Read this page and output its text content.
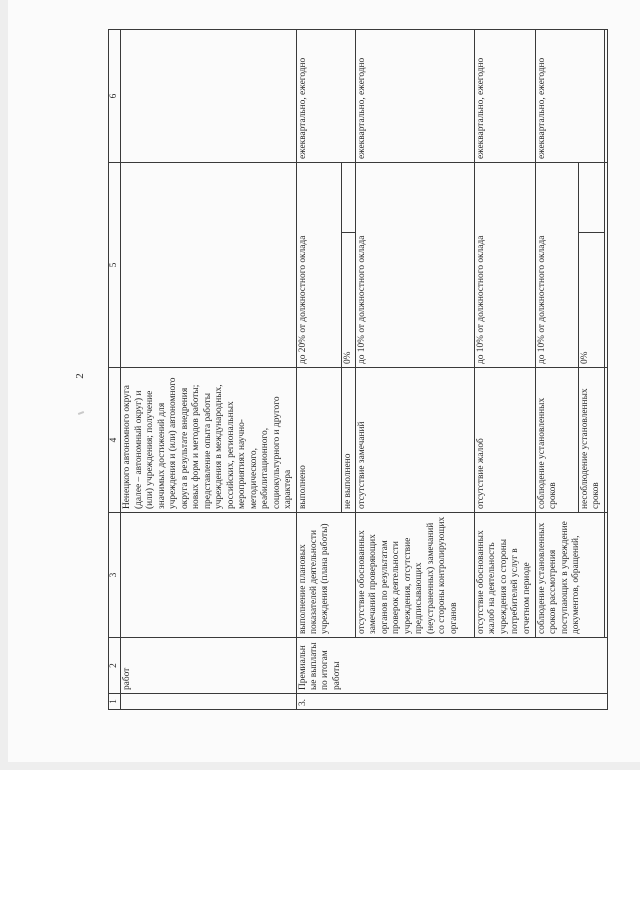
2
1	2	3	4	5		6
	работ		Ненецкого автономного округа (далее – автономный округ) и (или) учреждения; получение значимых достижений для учреждения и (или) автономного округа в результате внедрения новых форм и методов работы; представление опыта работы учреждения в международных, российских, региональных мероприятиях научно-методического, реабилитационного, социокультурного и другого характера			
3.	Премиальные выплаты по итогам работы	выполнение плановых показателей деятельности учреждения (плана работы)	выполнено	до 20% от должностного оклада		ежеквартально, ежегодно
			не выполнено	0%		
		отсутствие обоснованных замечаний проверяющих органов по результатам проверок деятельности учреждения, отсутствие предписывающих (неустраненных) замечаний со стороны контролирующих органов	отсутствие замечаний	до 10% от должностного оклада		ежеквартально, ежегодно
		отсутствие обоснованных жалоб на деятельность учреждения со стороны потребителей услуг в отчетном периоде	отсутствие жалоб	до 10% от должностного оклада		ежеквартально, ежегодно
		соблюдение установленных сроков рассмотрения поступающих в учреждение документов, обращений,	соблюдение установленных сроков	до 10% от должностного оклада		ежеквартально, ежегодно
			несоблюдение установленных сроков	0%		
